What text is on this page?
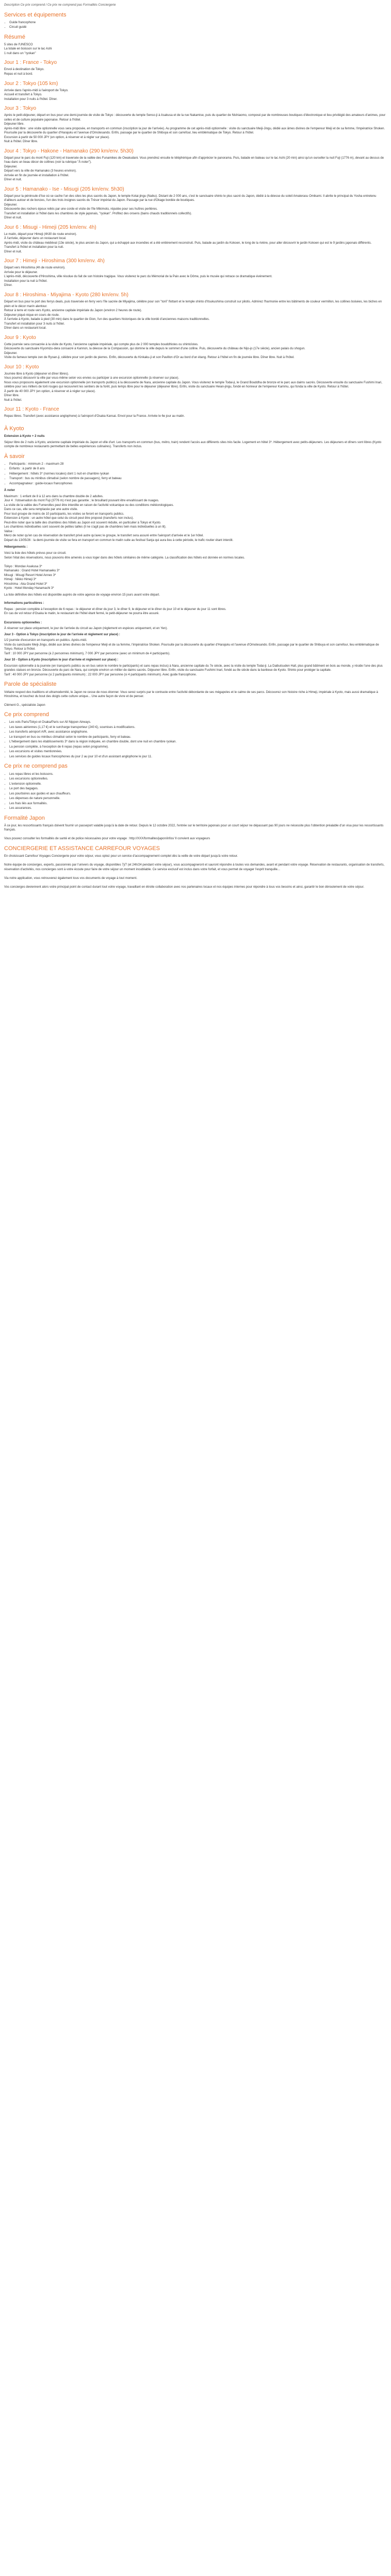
Description Ce prix comprend / Ce prix ne comprend pas Formalités Conciergerie
Services et équipements
• Guide francophone
• Circuit guidé
Résumé
5 sites de l'UNESCO
La totale en boisson sur le lac Ashi
1 nuit dans un "ryokan"
Jour 1 : France - Tokyo
Envol à destination de Tokyo.
Repas et nuit à bord.
Jour 2 : Tokyo (105 km)
Arrivée dans l'après-midi à l'aéroport de Tokyo.
Accueil et transfert à Tokyo.
Installation pour 3 nuits à l'hôtel. Dîner.
Jour 3 : Tokyo
Après le petit-déjeuner, départ en bus pour une demi-journée de visite de Tokyo : découverte du temple Senso-ji à Asakusa et de la rue Nakamise, puis du quartier de Nishiaomo, composé par de nombreuses boutiques d'électronique et lieu privilégié des amateurs d'animes, pour celles et de culture populaire japonaise. Retour à l'hôtel.
Déjeuner libre.
Après-midi libre : une visite optionnelle vous sera proposée, en transports en commun (inscription la jour de l'arrivée). Au programme de cet après-midi optionnelle : visite du sanctuaire Meiji-Jingu, dédié aux âmes divines de l'empereur Meiji et de sa femme, l'impératrice Shoken. Poursuite par la découverte du quartier d'Harajuku et l'avenue d'Omotesando. Enfin, passage par le quartier de Shibuya et son carrefour, lieu emblématique de Tokyo. Retour à l'hôtel.
Excursion à partir de 50 000 JPY (en option, à réserver et à régler sur place).
Nuit à l'hôtel. Dîner libre.
Jour 4 : Tokyo - Hakone - Hamanako (290 km/env. 5h30)
Départ pour le parc du mont Fuji (120 km) et traversée de la vallée des Funamikes de Owakudani. Vous prendrez ensuite le téléphérique afin d'apprécier le panorama. Puis, balade en bateau sur le lac Ashi (20 min) ainsi qu'un ourseller la nuit Fuji (1776 m), devant au dessus de l'eau dans un beau décor de collines (voir la rubrique "À noter").
Déjeuner.
Départ vers la ville de Hamanako (3 heures environ).
Arrivée en fin de journée et installation à l'hôtel.
Dîner et nuit.
Jour 5 : Hamanako - Ise - Misugi (205 km/env. 5h30)
Départ pour la péninsule d'Ise où se cache l'un des sites les plus sacrés du Japon, le temple Kotai-jingu (Naiku). Distant de 2 000 ans, c'est le sanctuaire shinto le plus sacré du Japon, dédié à la déesse du soleil Amaterasu Omikami. Il abrite le principal du Yosha entretenu d'ailleurs autour et de bonzes, l'un des trois insignes sacrés du Trésor impérial du Japon. Passage par la rue d'Okage bordée de boutiques.
Déjeuner.
Découverte des rochers époux reliés par une corde et visite de l'île Mikimoto, réputée pour ses huîtres perlières.
Transfert et installation à l'hôtel dans les chambres de style japonais, "ryokan". Profitez des onsens (bains chauds traditionnels collectifs).
Dîner et nuit.
Jour 6 : Misugi - Himeji (205 km/env. 4h)
Le matin, départ pour Himeji (4h30 de route environ).
À l'arrivée, déjeuner dans un restaurant local.
Après-midi, visite du château médiéval (13e siècle), le plus ancien du Japon, qui a échappé aux incendies et a été entièrement reconstruit. Puis, balade au jardin du Kokoen, le long de la rivière, pour aller découvrir le jardin Kokoen qui est le 9 jardins japonais différents.
Transfert à l'hôtel et installation pour la nuit.
Dîner et nuit.
Jour 7 : Himeji - Hiroshima (300 km/env. 4h)
Départ vers Hiroshima (4h de route environ).
Arrivée pour le déjeuner.
L'après-midi, découverte d'Hiroshima, ville résolue du fait de son histoire tragique. Vous visiterez le parc du Mémorial de la Paix avec le Dôme, puis le musée qui retrace ce dramatique événement.
Installation pour la nuit à l'hôtel.
Dîner.
Jour 8 : Hiroshima - Miyajima - Kyoto (280 km/env. 5h)
Départ en bus pour le port des ferrys deals, puis traversée en ferry vers l'île sacrée de Miyajima, célèbre pour son "torii" flottant et le temple shinto d'Itsukushima construit sur pilotis. Admirez l'harmonie entre les bâtiments de couleur vermillon, les collines boisées, les biches en plein et le décor marin alentour.
Retour à terre et route vers Kyoto, ancienne capitale impériale du Japon (environ 2 heures de route).
Déjeuner piqué-nique en cours de route.
À l'arrivée à Kyoto, balade à pied (30 min) dans le quartier de Gion, l'un des quartiers historiques de la ville bordé d'anciennes maisons traditionnelles.
Transfert et installation pour 3 nuits à l'hôtel.
Dîner dans un restaurant local.
Jour 9 : Kyoto
Cette journée sera consacrée à la visite de Kyoto, l'ancienne capitale impériale, qui compte plus de 2 000 temples bouddhistes ou shintoïstes.
Découverte du sanctuaire Kiyomizu-dera consacré à Kannon, la déesse de la Compassion, qui domine la ville depuis le sommet d'une colline. Puis, découverte du château de Nijo-jo (17e siècle), ancien palais du shogun.
Déjeuner.
Visite du fameux temple zen de Ryoan-ji, célèbre pour son jardin de pierres. Enfin, découverte du Kinkaku-ji et son Pavillon d'Or au bord d'un étang. Retour à l'hôtel en fin de journée libre. Dîner libre. Nuit à l'hôtel.
Jour 10 : Kyoto
Journée libre à Kyoto (déjeuner et dîner libres).
Vous pourrez découvrir la ville par vous-même selon vos envies ou participer à une excursion optionnelle (à réserver sur place).
Nous vous proposons également une excursion optionnelle (en transports publics) à la découverte de Nara, ancienne capitale du Japon. Vous visiterez le temple Todai-ji, le Grand Bouddha de bronze et le parc aux daims sacrés. Découverte ensuite du sanctuaire Fushimi Inari, célèbre pour ses milliers de torii rouges qui recouvrent les sentiers de la forêt, puis temps libre pour le déjeuner (déjeuner libre). Enfin, visite du sanctuaire Heian-jingu, fondé en honneur de l'empereur Kammu, qui fonda la ville de Kyoto. Retour à l'hôtel.
À partir de 40 000 JPY (en option, à réserver et à régler sur place).
Dîner libre.
Nuit à l'hôtel.
Jour 11 : Kyoto - France
Repas libres. Transfert (avec assistance anglophone) à l'aéroport d'Osaka Kansai. Envol pour la France. Arrivée le 6e jour au matin.
À Kyoto

Extension à Kyoto + 2 nuits

Séjour libre de 2 nuits à Kyoto, ancienne capitale impériale du Japon et ville d'art. Les transports en commun (bus, métro, train) rendent l'accès aux différents sites très facile. Logement en hôtel 3*. Hébergement avec petits-déjeuners. Les déjeuners et dîners sont libres (Kyoto compte de nombreux restaurants permettant de belles expériences culinaires). Transferts non inclus.

À savoir
• Participants : minimum 2 - maximum 28
• Enfants : à partir de 8 ans
• Hébergement : hôtels 3* (normes locales) dont 1 nuit en chambre ryokan
• Transport : bus ou minibus climatisé (selon nombre de passagers), ferry et bateau
• Accompagnateur : guide-locaux francophones

À noter

Maximum : 1 enfant de 8 à 12 ans dans la chambre double de 2 adultes.
Jour 4 : l'observation du mont Fuji (3776 m) n'est pas garantie ; le brouillard pouvant être envahissant de nuages.
La visite de la vallée des Fumerolles peut être interdite en raison de l'activité volcanique ou des conditions météorologiques.
Dans ce cas, elle sera remplacée par une autre visite.
Pour tout groupe de moins de 10 participants, les visites se feront en transports publics.
Extension à Kyoto : un autre hôtel que celui du circuit peut être proposé (transferts non inclus).
Peut-être noter que la taille des chambres des hôtels au Japon est souvent réduite, en particulier à Tokyo et Kyoto.
Les chambres individuelles sont souvent de petites tailles (il ne s'agit pas de chambres twin mais individuelles à un lit).
Valise :
Merci de noter qu'en cas de réservation de transfert privé autre qu'avec le groupe, le transfert sera assuré entre l'aéroport d'arrivée et le 1er hôtel.
Départ du 13/05/26 : la demi-journée de visite se fera en transport en commun le matin suite au festival Sanja qui aura lieu à cette période, le trafic routier étant interdit.

Hébergements :

Voici la liste des hôtels prévus pour ce circuit.
Selon l'état des réservations, nous pouvons être amenés à vous loger dans des hôtels similaires de même catégorie. La classification des hôtels est donnée en normes locales.

Tokyo : Mondav Asakusa 3*
Hamanako : Grand Hotel Hamanaeku 3*
Misugi : Misugi Resort Hotel Annex 3*
Himeji : Nikko Himeji 3*
Hiroshima : Aka Grand Hotel 3*
Kyoto : Hotel Monday Hanamachi 3*

La liste définitive des hôtels est disponible auprès de votre agence de voyage environ 15 jours avant votre départ.

Informations particulières :

Repas : pension complète à l'exception de 6 repas : le déjeuner et dîner du jour 3, le dîner 9, le déjeuner et le dîner du jour 10 et le déjeuner du jour 11 sont libres.
En cas de vol retour d'Osaka le matin, le restaurant de l'hôtel étant fermé, le petit-déjeuner ne pourra être assuré.

Excursions optionnelles :

À réserver sur place uniquement, le jour de l'arrivée du circuit au Japon (règlement en espèces uniquement, et en Yen).

Jour 3 - Option à Tokyo (inscription le jour de l'arrivée et règlement sur place) :

1/2 journée d'excursion en transports en publics. Après-midi.
Visite du sanctuaire Meiji-Jingu, dédié aux âmes divines de l'empereur Meiji et de sa femme, l'impératrice Shoken. Poursuite par la découverte du quartier d'Harajuku et l'avenue d'Omotesando. Enfin, passage par le quartier de Shibuya et son carrefour, lieu emblématique de Tokyo. Retour à l'hôtel.
Tarif : 10 000 JPY par personne (à 2 personnes minimum), 7 000 JPY par personne (avec un minimum de 4 participants).

Jour 10 - Option à Kyoto (inscription le jour d'arrivée et règlement sur place) :

Excursion optionnelle à la journée (en transports publics ou en bus selon le nombre le participants) et sans repas inclus) à Nara, ancienne capitale du 7e siècle, avec la visite du temple Todai-ji. La Daibutsuden Hall, plus grand bâtiment en bois au monde, y réside l'une des plus grandes statues en bronze. Découverte du parc de Nara, qui compte environ un millier de daims sacrés. Déjeuner libre. Enfin, visite du sanctuaire Fushimi Inari, fondé au 8e siècle dans la banlieue de Kyoto. Shinto pour protéger la capitale.
Tarif : 40 000 JPY par personne (si 2 participants minimum) ; 22 000 JPY par personne (si 4 participants minimum). Avec guide francophone.

Parole de spécialiste

Voltaire respect des traditions et ultramodernité, le Japon ne cesse de nous étonner. Vous serez surpris par le contraste entre l'activité débordante de ses mégapoles et le calme de ses parcs. Découvrez son histoire riche à Himeji, impériale à Kyoto, mais aussi dramatique à Hiroshima, et touchez du bout des doigts cette culture unique... Une autre façon de vivre et de penser.

Clément G., spécialiste Japon

Ce prix comprend
• Les vols Paris/Tokyo et Osaka/Paris sur All Nippon Airways.
• Les taxes aériennes (1,17 €) et le surcharge transporteur (240 €), soumises à modifications.
• Les transferts aéroport A/R, avec assistance anglophone.
• Le transport en bus ou minibus climatisé selon le nombre de participants, ferry et bateau.
• L'hébergement dans les établissements 3* dans la région indiquée, en chambre double, dont une nuit en chambre ryokan.
• La pension complète, à l'exception de 6 repas (repas selon programme).
• Les excursions et visites mentionnées.
• Les services de guides locaux francophones du jour 2 au jour 10 et d'un assistant anglophone le jour 11.
Ce prix ne comprend pas
• Les repas libres et les boissons.
• Les excursions optionnelles.
• L'extension optionnelle.
• Le port des bagages.
• Les pourboires aux guides et aux chauffeurs.
• Les dépenses de nature personnelle.
• Les frais liés aux formalités.
• Les assurances.
Formalité Japon

À ce jour, les ressortissants français doivent fournir un passeport valable jusqu'à la date de retour. Depuis le 12 octobre 2022, l'entrée sur le territoire japonais pour un court séjour ne dépassant pas 90 jours ne nécessite plus l'obtention préalable d'un visa pour les ressortissants français.

Vous pouvez consulter les formalités de santé et de police nécessaires pour votre voyage : http://XXX/formalites/japon/infos/ Il convient aux voyageurs

CONCIERGERIE ET ASSISTANCE CARREFOUR VOYAGES

En choisissant Carrefour Voyages Conciergerie pour votre séjour, vous optez pour un service d'accompagnement complet dès la veille de votre départ jusqu'à votre retour.

Notre équipe de concierges, experts, passionnés par l'univers du voyage, disponibles 7j/7 (et 24h/24 pendant votre séjour), vous accompagneront et sauront répondre à toutes vos demandes, avant et pendant votre voyage. Réservation de restaurants, organisation de transferts, réservation d'activités, nos concierges sont à votre écoute pour faire de votre séjour un moment inoubliable. Ce service exclusif est inclus dans votre forfait, et vous permet de voyager l'esprit tranquille...

Via notre application, vous retrouverez également tous vos documents de voyage à tout moment.

Vos concierges deviennent alors votre principal point de contact durant tout votre voyage, travaillant en étroite collaboration avec nos partenaires locaux et nos équipes internes pour répondre à tous vos besoins et ainsi, garantir le bon déroulement de votre séjour.
